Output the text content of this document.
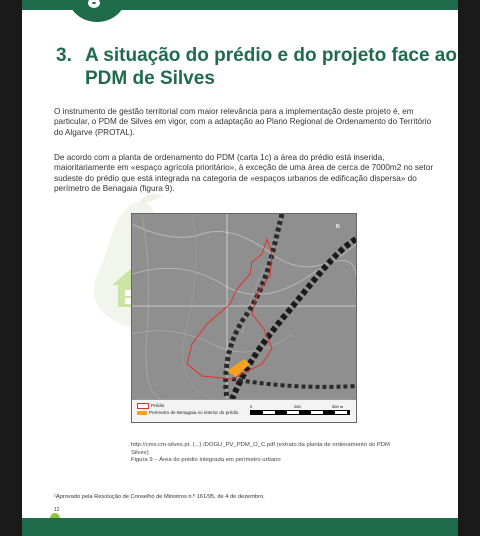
3. A situação do prédio e do projeto face ao
PDM de Silves
O instrumento de gestão territorial com maior relevância para a implementação deste projeto é, em particular, o PDM de Silves em vigor, com a adaptação ao Plano Regional de Ordenamento do Território do Algarve (PROTAL).
De acordo com a planta de ordenamento do PDM (carta 1c) a área do prédio está inserida, maioritariamente em «espaço agrícola prioritário», à exceção de uma área de cerca de 7000m2 no setor sudeste do prédio que está integrada na categoria de «espaços urbanos de edificação dispersa» do perímetro de Benagaia (figura 9).
N
Prédio
Perímetro de Benagaia no interior do prédio
0	250	500 m
http://cms.cm-silves.pt. (...) /DOGU_PV_PDM_O_C.pdf (extrato da planta de ordenamento do PDM Silves)
Figura 9 – Área do prédio integrada em perímetro urbano
¹Aprovado pela Resolução de Conselho de Ministros n.º 161/95, de 4 de dezembro.
12
